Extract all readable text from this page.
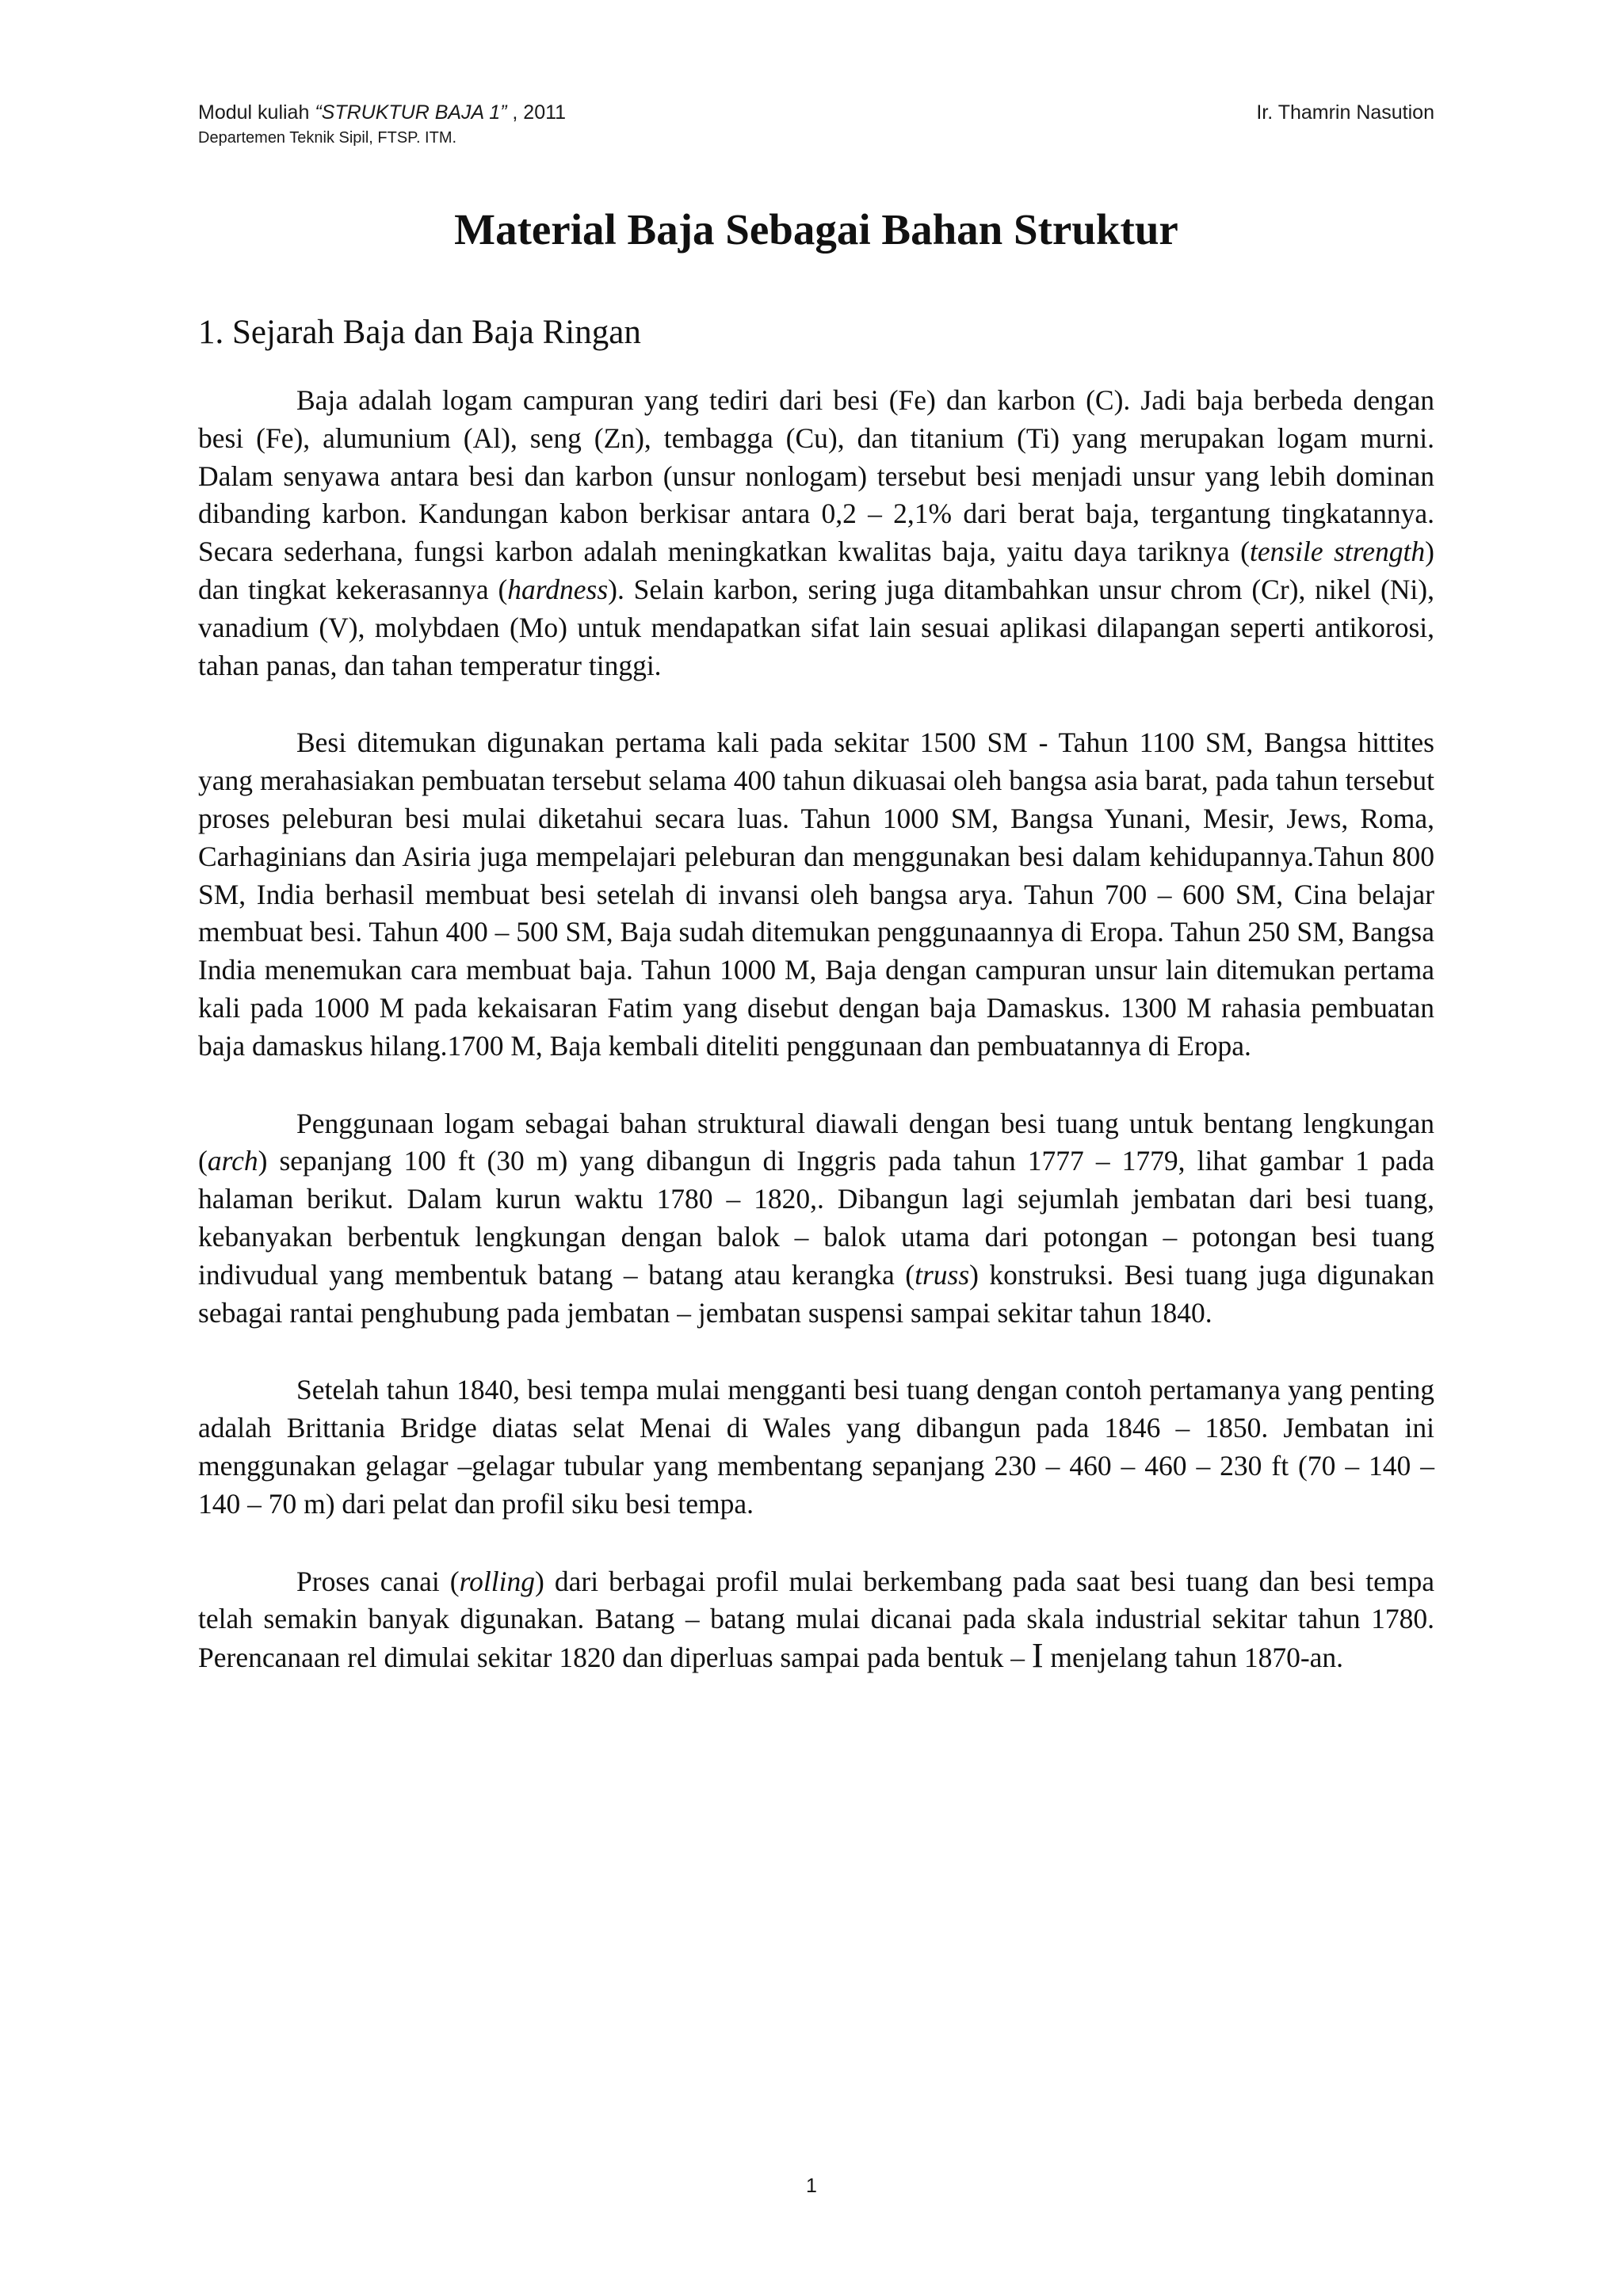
Modul kuliah “STRUKTUR BAJA 1” , 2011	Ir. Thamrin Nasution
Departemen Teknik Sipil, FTSP. ITM.
Material Baja Sebagai Bahan Struktur
1. Sejarah Baja dan Baja Ringan

Baja adalah logam campuran yang tediri dari besi (Fe) dan karbon (C). Jadi baja berbeda dengan besi (Fe), alumunium (Al), seng (Zn), tembagga (Cu), dan titanium (Ti) yang merupakan logam murni. Dalam senyawa antara besi dan karbon (unsur nonlogam) tersebut besi menjadi unsur yang lebih dominan dibanding karbon. Kandungan kabon berkisar antara 0,2 – 2,1% dari berat baja, tergantung tingkatannya. Secara sederhana, fungsi karbon adalah meningkatkan kwalitas baja, yaitu daya tariknya (tensile strength) dan tingkat kekerasannya (hardness). Selain karbon, sering juga ditambahkan unsur chrom (Cr), nikel (Ni), vanadium (V), molybdaen (Mo) untuk mendapatkan sifat lain sesuai aplikasi dilapangan seperti antikorosi, tahan panas, dan tahan temperatur tinggi.

Besi ditemukan digunakan pertama kali pada sekitar 1500 SM - Tahun 1100 SM, Bangsa hittites yang merahasiakan pembuatan tersebut selama 400 tahun dikuasai oleh bangsa asia barat, pada tahun tersebut proses peleburan besi mulai diketahui secara luas. Tahun 1000 SM, Bangsa Yunani, Mesir, Jews, Roma, Carhaginians dan Asiria juga mempelajari peleburan dan menggunakan besi dalam kehidupannya.Tahun 800 SM, India berhasil membuat besi setelah di invansi oleh bangsa arya. Tahun 700 – 600 SM, Cina belajar membuat besi. Tahun 400 – 500 SM, Baja sudah ditemukan penggunaannya di Eropa. Tahun 250 SM, Bangsa India menemukan cara membuat baja. Tahun 1000 M, Baja dengan campuran unsur lain ditemukan pertama kali pada 1000 M pada kekaisaran Fatim yang disebut dengan baja Damaskus. 1300 M rahasia pembuatan baja damaskus hilang.1700 M, Baja kembali diteliti penggunaan dan pembuatannya di Eropa.

Penggunaan logam sebagai bahan struktural diawali dengan besi tuang untuk bentang lengkungan (arch) sepanjang 100 ft (30 m) yang dibangun di Inggris pada tahun 1777 – 1779, lihat gambar 1 pada halaman berikut. Dalam kurun waktu 1780 – 1820,. Dibangun lagi sejumlah jembatan dari besi tuang, kebanyakan berbentuk lengkungan dengan balok – balok utama dari potongan – potongan besi tuang indivudual yang membentuk batang – batang atau kerangka (truss) konstruksi. Besi tuang juga digunakan sebagai rantai penghubung pada jembatan – jembatan suspensi sampai sekitar tahun 1840.

Setelah tahun 1840, besi tempa mulai mengganti besi tuang dengan contoh pertamanya yang penting adalah Brittania Bridge diatas selat Menai di Wales yang dibangun pada 1846 – 1850. Jembatan ini menggunakan gelagar –gelagar tubular yang membentang sepanjang 230 – 460 – 460 – 230 ft (70 – 140 – 140 – 70 m) dari pelat dan profil siku besi tempa.

Proses canai (rolling) dari berbagai profil mulai berkembang pada saat besi tuang dan besi tempa telah semakin banyak digunakan. Batang – batang mulai dicanai pada skala industrial sekitar tahun 1780. Perencanaan rel dimulai sekitar 1820 dan diperluas sampai pada bentuk – I menjelang tahun 1870-an.

1
